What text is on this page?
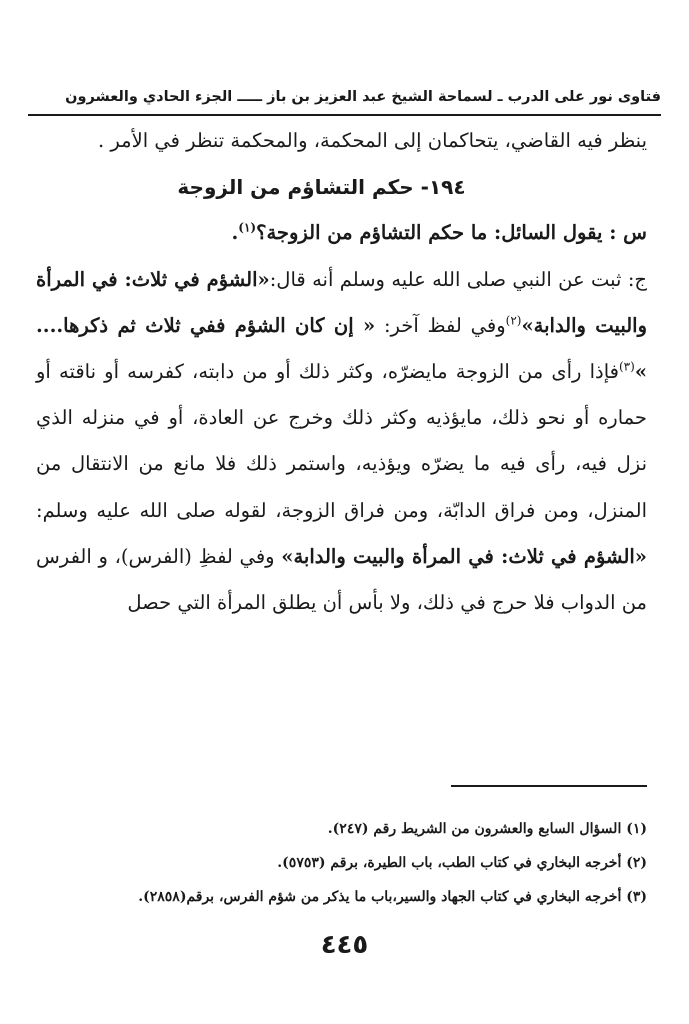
فتاوى نور على الدرب ـ لسماحة الشيخ عبد العزيز بن باز ـــــ الجزء الحادي والعشرون

ينظر فيه القاضي، يتحاكمان إلى المحكمة، والمحكمة تنظر في الأمر .

١٩٤- حكم التشاؤم من الزوجة

س : يقول السائل: ما حكم التشاؤم من الزوجة؟$^{(١)}$.

ج: ثبت عن النبي صلى الله عليه وسلم أنه قال:«الشؤم في ثلاث: في المرأة والبيت والدابة»$^{(٢)}$وفي لفظ آخر: « إن كان الشؤم ففي ثلاث ثم ذكرها.... »$^{(٣)}$فإذا رأى من الزوجة مايضرّه، وكثر ذلك أو من دابته، كفرسه أو ناقته أو حماره أو نحو ذلك، مايؤذيه وكثر ذلك وخرج عن العادة، أو في منزله الذي نزل فيه، رأى فيه ما يضرّه ويؤذيه، واستمر ذلك فلا مانع من الانتقال من المنزل، ومن فراق الدابّة، ومن فراق الزوجة، لقوله صلى الله عليه وسلم: «الشؤم في ثلاث: في المرأة والبيت والدابة» وفي لفظِ (الفرس)، و الفرس من الدواب فلا حرج في ذلك، ولا بأس أن يطلق المرأة التي حصل

(١) السؤال السابع والعشرون من الشريط رقم (٢٤٧).
(٢) أخرجه البخاري في كتاب الطب، باب الطيرة، برقم (٥٧٥٣).
(٣) أخرجه البخاري في كتاب الجهاد والسير،باب ما يذكر من شؤم الفرس، برقم(٢٨٥٨).
٤٤٥
